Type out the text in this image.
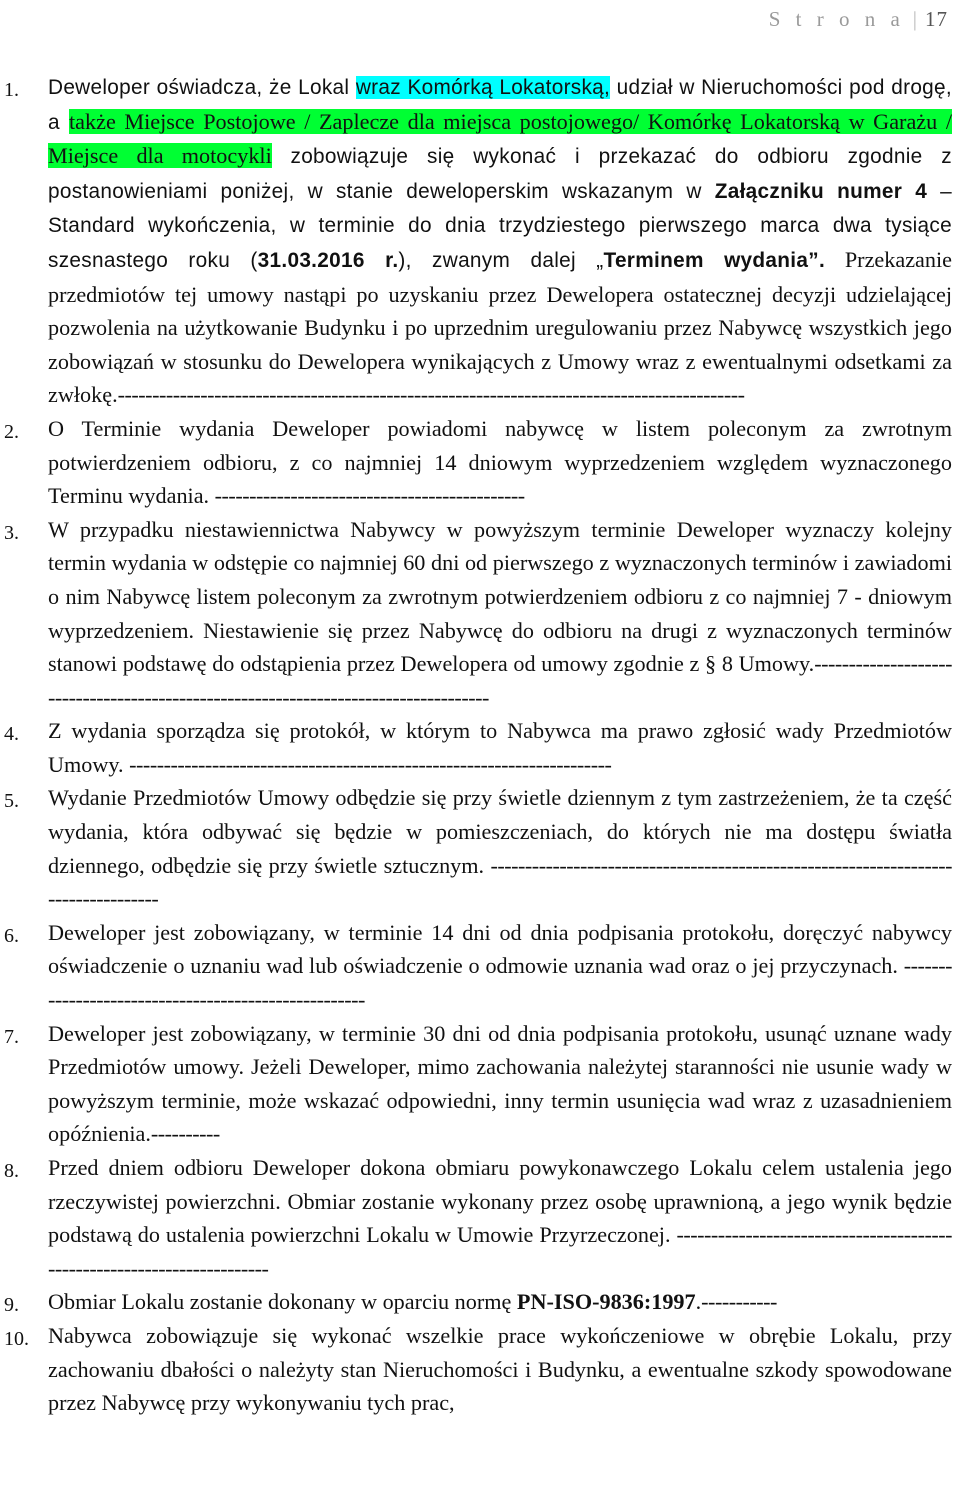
S t r o n a | 17
1. Deweloper oświadcza, że Lokal wraz Komórką Lokatorską, udział w Nieruchomości pod drogę, a także Miejsce Postojowe / Zaplecze dla miejsca postojowego/ Komórkę Lokatorską w Garażu / Miejsce dla motocykli zobowiązuje się wykonać i przekazać do odbioru zgodnie z postanowieniami poniżej, w stanie deweloperskim wskazanym w Załączniku numer 4 – Standard wykończenia, w terminie do dnia trzydziestego pierwszego marca dwa tysiące szesnastego roku (31.03.2016 r.), zwanym dalej „Terminem wydania”. Przekazanie przedmiotów tej umowy nastąpi po uzyskaniu przez Dewelopera ostatecznej decyzji udzielającej pozwolenia na użytkowanie Budynku i po uprzednim uregulowaniu przez Nabywcę wszystkich jego zobowiązań w stosunku do Dewelopera wynikających z Umowy wraz z ewentualnymi odsetkami za zwłokę.-------------------------------------------------------------------------------------------
2. O Terminie wydania Deweloper powiadomi nabywcę w listem poleconym za zwrotnym potwierdzeniem odbioru, z co najmniej 14 dniowym wyprzedzeniem względem wyznaczonego Terminu wydania. ---------------------------------------------
3. W przypadku niestawiennictwa Nabywcy w powyższym terminie Deweloper wyznaczy kolejny termin wydania w odstępie co najmniej 60 dni od pierwszego z wyznaczonych terminów i zawiadomi o nim Nabywcę listem poleconym za zwrotnym potwierdzeniem odbioru z co najmniej 7 - dniowym wyprzedzeniem. Niestawienie się przez Nabywcę do odbioru na drugi z wyznaczonych terminów stanowi podstawę do odstąpienia przez Dewelopera od umowy zgodnie z § 8 Umowy.------------------------------------------------------------------------------------
4. Z wydania sporządza się protokół, w którym to Nabywca ma prawo zgłosić wady Przedmiotów Umowy. ----------------------------------------------------------------------
5. Wydanie Przedmiotów Umowy odbędzie się przy świetle dziennym z tym zastrzeżeniem, że ta część wydania, która odbywać się będzie w pomieszczeniach, do których nie ma dostępu światła dziennego, odbędzie się przy świetle sztucznym. -----------------------------------------------------------------------------------
6. Deweloper jest zobowiązany, w terminie 14 dni od dnia podpisania protokołu, doręczyć nabywcy oświadczenie o uznaniu wad lub oświadczenie o odmowie uznania wad oraz o jej przyczynach. -----------------------------------------------------
7. Deweloper jest zobowiązany, w terminie 30 dni od dnia podpisania protokołu, usunąć uznane wady Przedmiotów umowy. Jeżeli Deweloper, mimo zachowania należytej staranności nie usunie wady w powyższym terminie, może wskazać odpowiedni, inny termin usunięcia wad wraz z uzasadnieniem opóźnienia.----------
8. Przed dniem odbioru Deweloper dokona obmiaru powykonawczego Lokalu celem ustalenia jego rzeczywistej powierzchni. Obmiar zostanie wykonany przez osobę uprawnioną, a jego wynik będzie podstawą do ustalenia powierzchni Lokalu w Umowie Przyrzeczonej. ------------------------------------------------------------------------
9. Obmiar Lokalu zostanie dokonany w oparciu normę PN-ISO-9836:1997.-----------
10. Nabywca zobowiązuje się wykonać wszelkie prace wykończeniowe w obrębie Lokalu, przy zachowaniu dbałości o należyty stan Nieruchomości i Budynku, a ewentualne szkody spowodowane przez Nabywcę przy wykonywaniu tych prac,
